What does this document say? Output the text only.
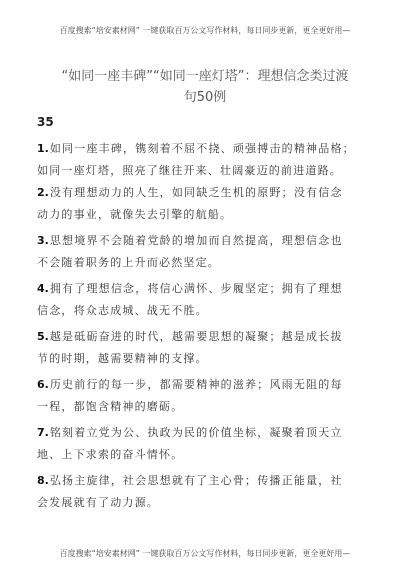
百度搜索“培安素材网” 一键获取百万公文写作材料，每日同步更新，更全更好用—
“如同一座丰碑”“如同一座灯塔”：理想信念类过渡
句50例
35
1.如同一座丰碑，镌刻着不屈不挠、顽强搏击的精神品格；
如同一座灯塔，照亮了继往开来、壮阔豪迈的前进道路。
2.没有理想动力的人生，如同缺乏生机的原野；没有信念
动力的事业，就像失去引擎的航船。
3.思想境界不会随着党龄的增加而自然提高，理想信念也
不会随着职务的上升而必然坚定。
4.拥有了理想信念，将信心满怀、步履坚定；拥有了理想
信念，将众志成城、战无不胜。
5.越是砥砺奋进的时代，越需要思想的凝聚；越是成长拔
节的时期，越需要精神的支撑。
6.历史前行的每一步，都需要精神的滋养；风雨无阻的每
一程，都饱含精神的磨砺。
7.铭刻着立党为公、执政为民的价值坐标，凝聚着顶天立
地、上下求索的奋斗情怀。
8.弘扬主旋律，社会思想就有了主心骨；传播正能量，社
会发展就有了动力源。
百度搜索“培安素材网” 一键获取百万公文写作材料，每日同步更新，更全更好用—
